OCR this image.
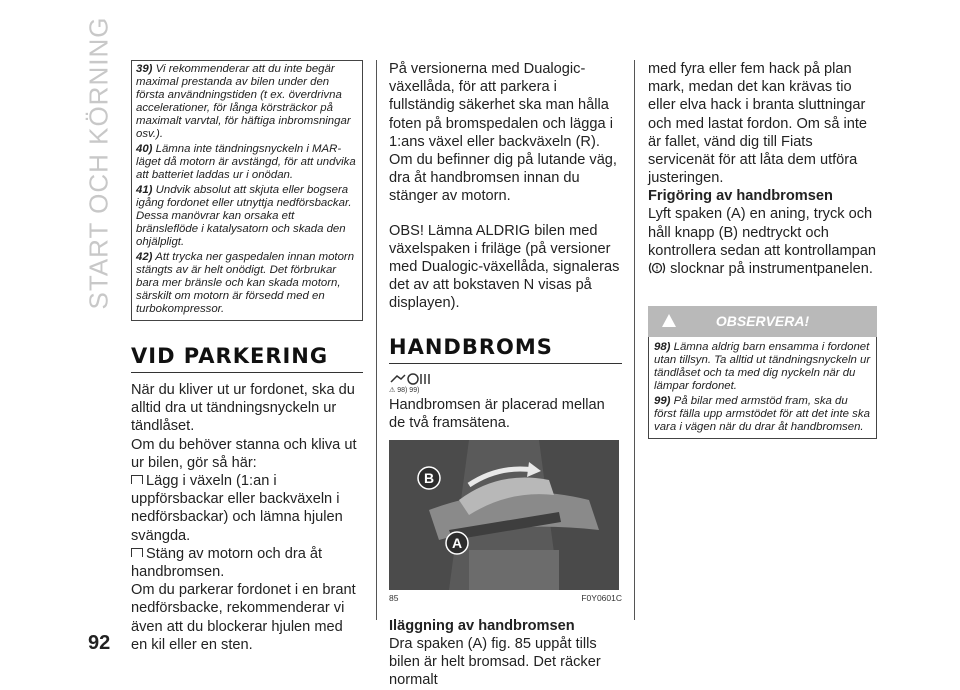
START OCH KÖRNING
92

39) Vi rekommenderar att du inte begär maximal prestanda av bilen under den första användningstiden (t ex. överdrivna accelerationer, för långa körsträckor på maximalt varvtal, för häftiga inbromsningar osv.).

40) Lämna inte tändningsnyckeln i MAR-läget då motorn är avstängd, för att undvika att batteriet laddas ur i onödan.

41) Undvik absolut att skjuta eller bogsera igång fordonet eller utnyttja nedförsbackar. Dessa manövrar kan orsaka ett bränsleflöde i katalysatorn och skada den ohjälpligt.

42) Att trycka ner gaspedalen innan motorn stängts av är helt onödigt. Det förbrukar bara mer bränsle och kan skada motorn, särskilt om motorn är försedd med en turbokompressor.

VID PARKERING

När du kliver ut ur fordonet, ska du alltid dra ut tändningsnyckeln ur tändlåset.

Om du behöver stanna och kliva ut ur bilen, gör så här:

Lägg i växeln (1:an i uppförsbackar eller backväxeln i nedförsbackar) och lämna hjulen svängda.

Stäng av motorn och dra åt handbromsen.

Om du parkerar fordonet i en brant nedförsbacke, rekommenderar vi även att du blockerar hjulen med en kil eller en sten.

På versionerna med Dualogic-växellåda, för att parkera i fullständig säkerhet ska man hålla foten på bromspedalen och lägga i 1:ans växel eller backväxeln (R). Om du befinner dig på lutande väg, dra åt handbromsen innan du stänger av motorn.

OBS! Lämna ALDRIG bilen med växelspaken i friläge (på versioner med Dualogic-växellåda, signaleras det av att bokstaven N visas på displayen).

HANDBROMS
⚠ 98) 99)

Handbromsen är placerad mellan de två framsätena.

B
A
85	F0Y0601C

Iläggning av handbromsen

Dra spaken (A) fig. 85 uppåt tills bilen är helt bromsad. Det räcker normalt

med fyra eller fem hack på plan mark, medan det kan krävas tio eller elva hack i branta sluttningar och med lastat fordon. Om så inte är fallet, vänd dig till Fiats servicenät för att låta dem utföra justeringen.

Frigöring av handbromsen

Lyft spaken (A) en aning, tryck och håll knapp (B) nedtryckt och kontrollera sedan att kontrollampan  slocknar på instrumentpanelen.

OBSERVERA!

98) Lämna aldrig barn ensamma i fordonet utan tillsyn. Ta alltid ut tändningsnyckeln ur tändlåset och ta med dig nyckeln när du lämpar fordonet.

99) På bilar med armstöd fram, ska du först fälla upp armstödet för att det inte ska vara i vägen när du drar åt handbromsen.
